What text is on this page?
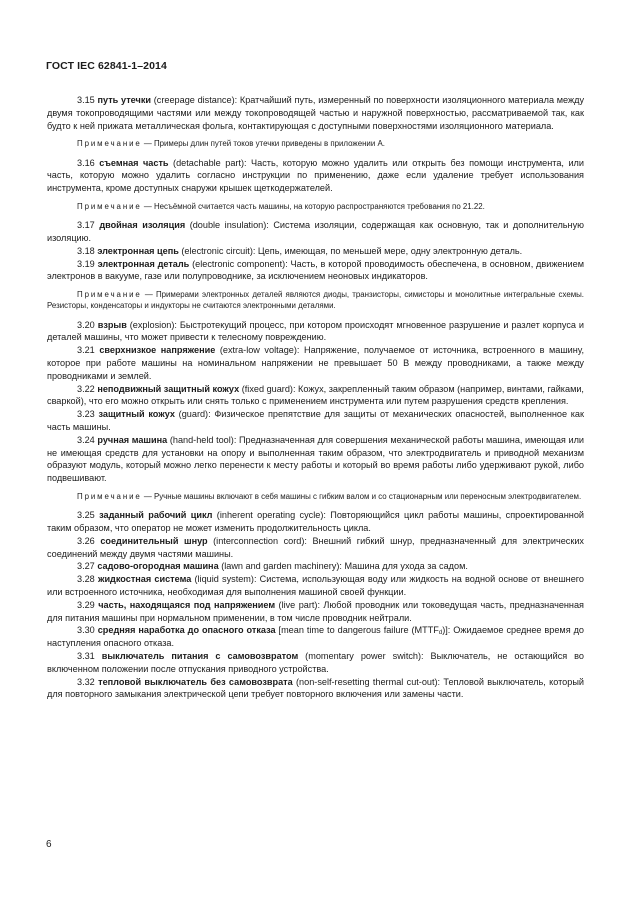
ГОСТ IEC 62841-1–2014

3.15 путь утечки (creepage distance): Кратчайший путь, измеренный по поверхности изоляционного материала между двумя токопроводящими частями или между токопроводящей частью и наружной поверхностью, рассматриваемой так, как будто к ней прижата металлическая фольга, контактирующая с доступными поверхностями изоляционного материала.

Примечание — Примеры длин путей токов утечки приведены в приложении А.

3.16 съемная часть (detachable part): Часть, которую можно удалить или открыть без помощи инструмента, или часть, которую можно удалить согласно инструкции по применению, даже если удаление требует использования инструмента, кроме доступных снаружи крышек щеткодержателей.

Примечание — Несъёмной считается часть машины, на которую распространяются требования по 21.22.

3.17 двойная изоляция (double insulation): Система изоляции, содержащая как основную, так и дополнительную изоляцию.

3.18 электронная цепь (electronic circuit): Цепь, имеющая, по меньшей мере, одну электронную деталь.

3.19 электронная деталь (electronic component): Часть, в которой проводимость обеспечена, в основном, движением электронов в вакууме, газе или полупроводнике, за исключением неоновых индикаторов.

Примечание — Примерами электронных деталей являются диоды, транзисторы, симисторы и монолитные интегральные схемы. Резисторы, конденсаторы и индукторы не считаются электронными деталями.

3.20 взрыв (explosion): Быстротекущий процесс, при котором происходят мгновенное разрушение и разлет корпуса и деталей машины, что может привести к телесному повреждению.

3.21 сверхнизкое напряжение (extra-low voltage): Напряжение, получаемое от источника, встроенного в машину, которое при работе машины на номинальном напряжении не превышает 50 В между проводниками, а также между проводниками и землей.

3.22 неподвижный защитный кожух (fixed guard): Кожух, закрепленный таким образом (например, винтами, гайками, сваркой), что его можно открыть или снять только с применением инструмента или путем разрушения средств крепления.

3.23 защитный кожух (guard): Физическое препятствие для защиты от механических опасностей, выполненное как часть машины.

3.24 ручная машина (hand-held tool): Предназначенная для совершения механической работы машина, имеющая или не имеющая средств для установки на опору и выполненная таким образом, что электродвигатель и приводной механизм образуют модуль, который можно легко перенести к месту работы и который во время работы либо удерживают рукой, либо подвешивают.

Примечание — Ручные машины включают в себя машины с гибким валом и со стационарным или переносным электродвигателем.

3.25 заданный рабочий цикл (inherent operating cycle): Повторяющийся цикл работы машины, спроектированной таким образом, что оператор не может изменить продолжительность цикла.

3.26 соединительный шнур (interconnection cord): Внешний гибкий шнур, предназначенный для электрических соединений между двумя частями машины.

3.27 садово-огородная машина (lawn and garden machinery): Машина для ухода за садом.

3.28 жидкостная система (liquid system): Система, использующая воду или жидкость на водной основе от внешнего или встроенного источника, необходимая для выполнения машиной своей функции.

3.29 часть, находящаяся под напряжением (live part): Любой проводник или токоведущая часть, предназначенная для питания машины при нормальном применении, в том числе проводник нейтрали.

3.30 средняя наработка до опасного отказа [mean time to dangerous failure $(MTTF_d)$]: Ожидаемое среднее время до наступления опасного отказа.

3.31 выключатель питания с самовозвратом (momentary power switch): Выключатель, не остающийся во включенном положении после отпускания приводного устройства.

3.32 тепловой выключатель без самовозврата (non-self-resetting thermal cut-out): Тепловой выключатель, который для повторного замыкания электрической цепи требует повторного включения или замены части.

6
